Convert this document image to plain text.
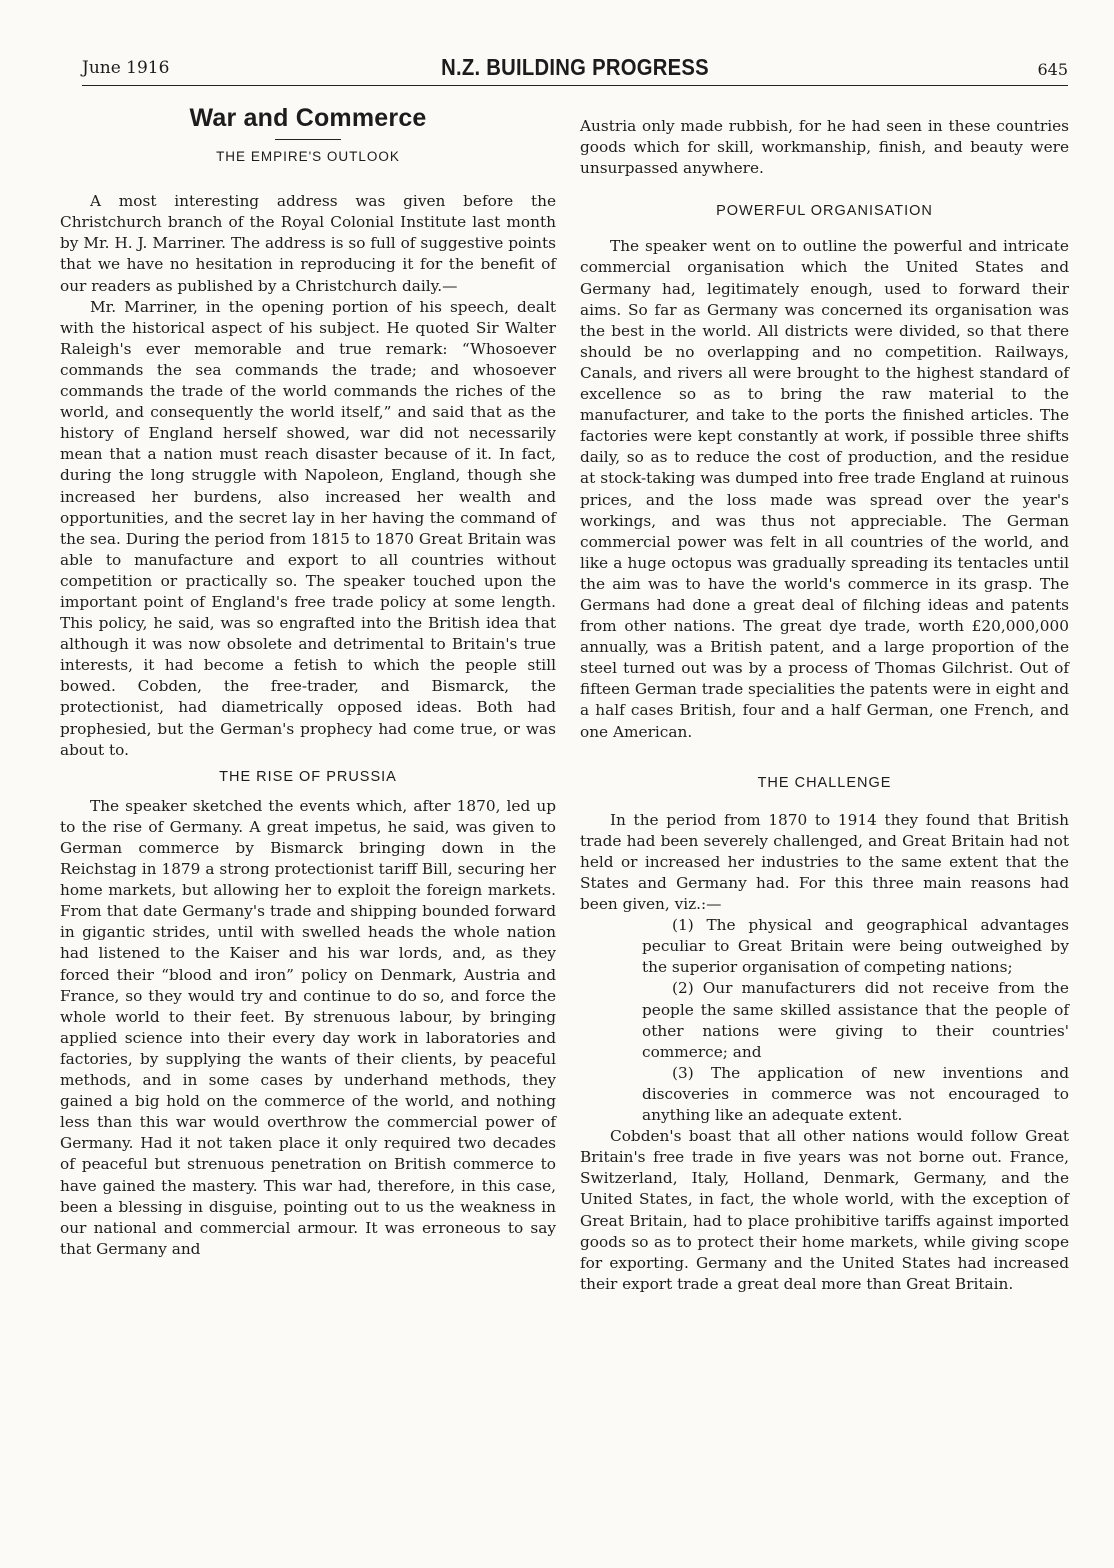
June 1916	N.Z. BUILDING PROGRESS	645
War and Commerce
THE EMPIRE'S OUTLOOK

A most interesting address was given before the Christchurch branch of the Royal Colonial Institute last month by Mr. H. J. Marriner. The address is so full of suggestive points that we have no hesitation in reproducing it for the benefit of our readers as published by a Christchurch daily.—

Mr. Marriner, in the opening portion of his speech, dealt with the historical aspect of his subject. He quoted Sir Walter Raleigh's ever memorable and true remark: “Whosoever commands the sea commands the trade; and whosoever commands the trade of the world commands the riches of the world, and consequently the world itself,” and said that as the history of England herself showed, war did not necessarily mean that a nation must reach disaster because of it. In fact, during the long struggle with Napoleon, England, though she increased her burdens, also increased her wealth and opportunities, and the secret lay in her having the command of the sea. During the period from 1815 to 1870 Great Britain was able to manufacture and export to all countries without competition or practically so. The speaker touched upon the important point of England's free trade policy at some length. This policy, he said, was so engrafted into the British idea that although it was now obsolete and detrimental to Britain's true interests, it had become a fetish to which the people still bowed. Cobden, the free-trader, and Bismarck, the protectionist, had diametrically opposed ideas. Both had prophesied, but the German's prophecy had come true, or was about to.

THE RISE OF PRUSSIA

The speaker sketched the events which, after 1870, led up to the rise of Germany. A great impetus, he said, was given to German commerce by Bismarck bringing down in the Reichstag in 1879 a strong protectionist tariff Bill, securing her home markets, but allowing her to exploit the foreign markets. From that date Germany's trade and shipping bounded forward in gigantic strides, until with swelled heads the whole nation had listened to the Kaiser and his war lords, and, as they forced their “blood and iron” policy on Denmark, Austria and France, so they would try and continue to do so, and force the whole world to their feet. By strenuous labour, by bringing applied science into their every day work in laboratories and factories, by supplying the wants of their clients, by peaceful methods, and in some cases by underhand methods, they gained a big hold on the commerce of the world, and nothing less than this war would overthrow the commercial power of Germany. Had it not taken place it only required two decades of peaceful but strenuous penetration on British commerce to have gained the mastery. This war had, therefore, in this case, been a blessing in disguise, pointing out to us the weakness in our national and commercial armour. It was erroneous to say that Germany and

Austria only made rubbish, for he had seen in these countries goods which for skill, workmanship, finish, and beauty were unsurpassed anywhere.

POWERFUL ORGANISATION

The speaker went on to outline the powerful and intricate commercial organisation which the United States and Germany had, legitimately enough, used to forward their aims. So far as Germany was concerned its organisation was the best in the world. All districts were divided, so that there should be no overlapping and no competition. Railways, Canals, and rivers all were brought to the highest standard of excellence so as to bring the raw material to the manufacturer, and take to the ports the finished articles. The factories were kept constantly at work, if possible three shifts daily, so as to reduce the cost of production, and the residue at stock-taking was dumped into free trade England at ruinous prices, and the loss made was spread over the year's workings, and was thus not appreciable. The German commercial power was felt in all countries of the world, and like a huge octopus was gradually spreading its tentacles until the aim was to have the world's commerce in its grasp. The Germans had done a great deal of filching ideas and patents from other nations. The great dye trade, worth £20,000,000 annually, was a British patent, and a large proportion of the steel turned out was by a process of Thomas Gilchrist. Out of fifteen German trade specialities the patents were in eight and a half cases British, four and a half German, one French, and one American.

THE CHALLENGE

In the period from 1870 to 1914 they found that British trade had been severely challenged, and Great Britain had not held or increased her industries to the same extent that the States and Germany had. For this three main reasons had been given, viz.:—

(1) The physical and geographical advantages peculiar to Great Britain were being outweighed by the superior organisation of competing nations;

(2) Our manufacturers did not receive from the people the same skilled assistance that the people of other nations were giving to their countries' commerce; and

(3) The application of new inventions and discoveries in commerce was not encouraged to anything like an adequate extent.

Cobden's boast that all other nations would follow Great Britain's free trade in five years was not borne out. France, Switzerland, Italy, Holland, Denmark, Germany, and the United States, in fact, the whole world, with the exception of Great Britain, had to place prohibitive tariffs against imported goods so as to protect their home markets, while giving scope for exporting. Germany and the United States had increased their export trade a great deal more than Great Britain.
